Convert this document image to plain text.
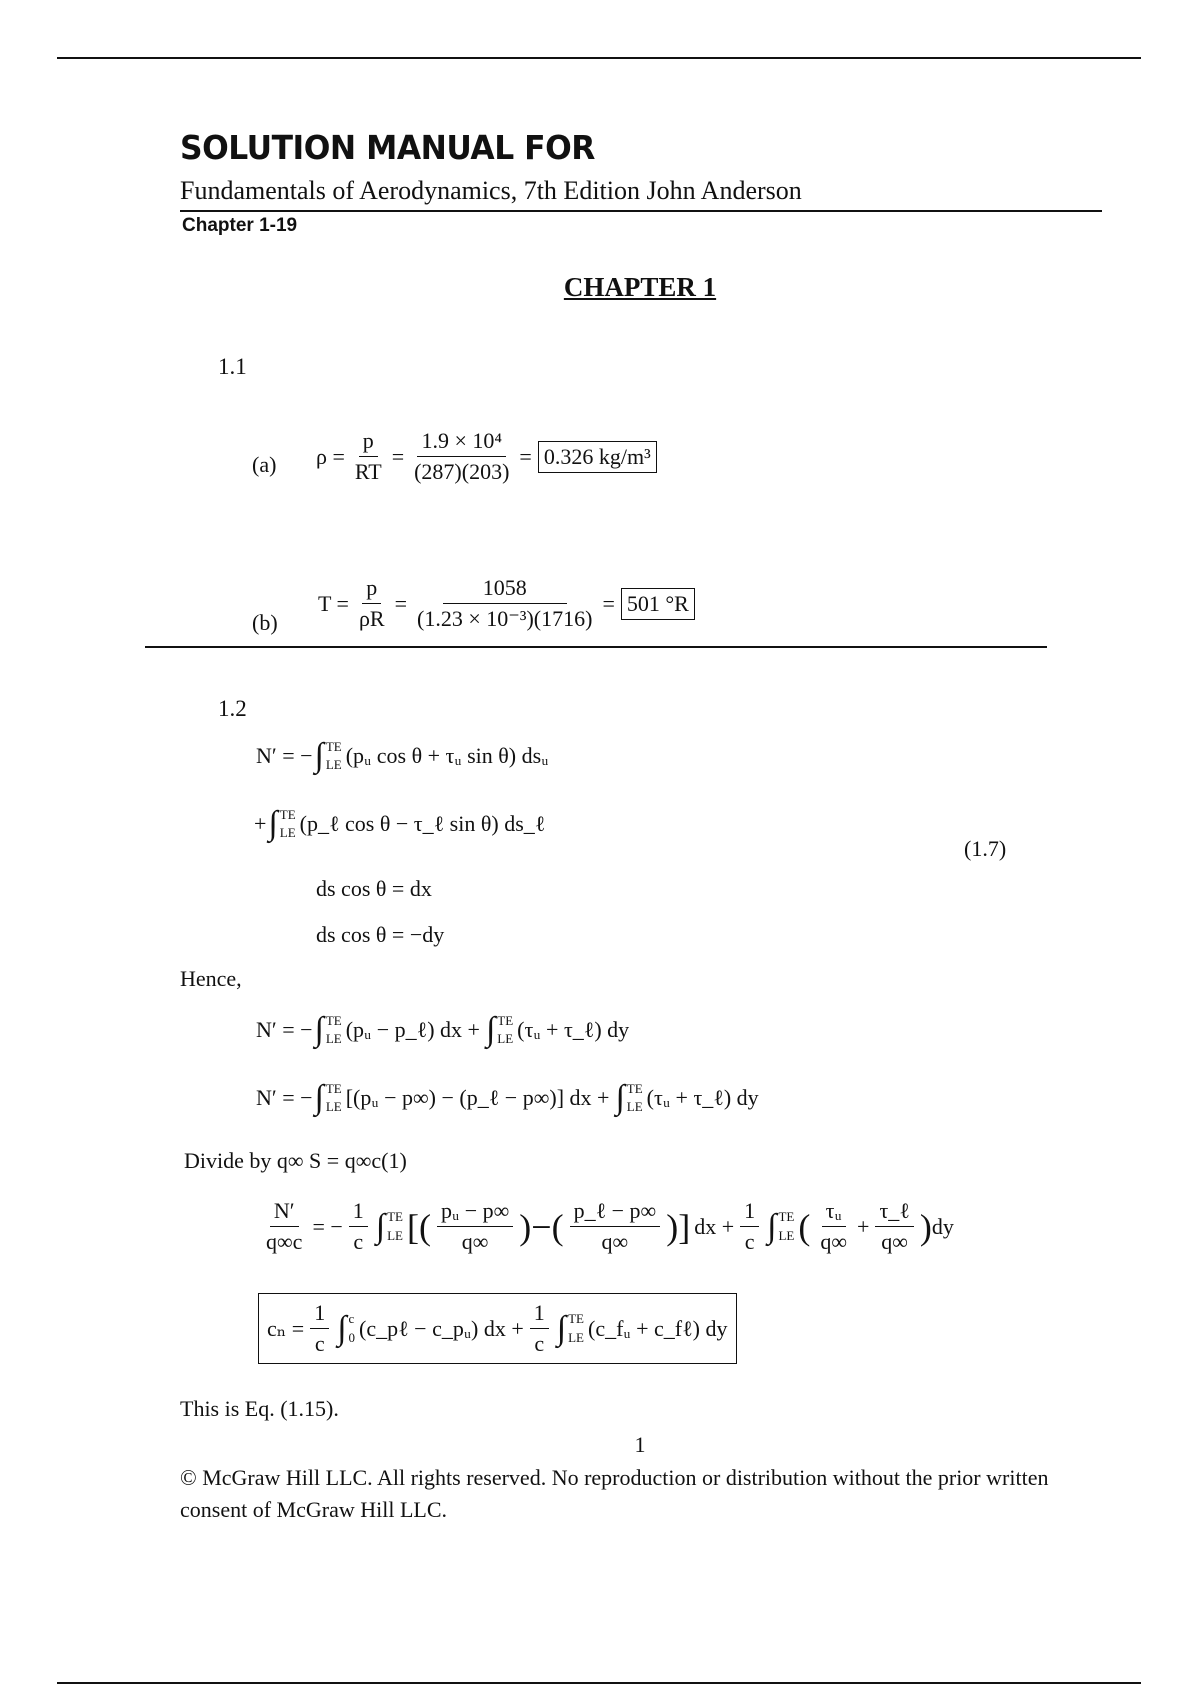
SOLUTION MANUAL FOR
Fundamentals of Aerodynamics, 7th Edition John Anderson
Chapter 1-19
CHAPTER 1
1.1
(a) $\rho = \frac{p}{RT} = \frac{\text{1.9 × 10⁴}}{(287)(203)} = 0.326$ kg/m³
(b)
$T = \frac{p}{\rho R} = \frac{1058}{\text{(1.23 × 10⁻³)(1716)}} = 501$ °R
1.2
N′ = − ∫ TE
LE (pᵤ cos θ + τᵤ sin θ) dsᵤ
+ ∫ TE
LE (p_ℓ cos θ − τ_ℓ sin θ) ds_ℓ
(1.7)
ds cos θ = dx
ds cos θ = −dy
Hence,
N′ = − ∫ TE
LE (pᵤ − p_ℓ) dx + ∫ TE
LE (τᵤ + τ_ℓ) dy
N′ = − ∫ TE
LE [(pᵤ − p∞) − (p_ℓ − p∞)] dx + ∫ TE
LE (τᵤ + τ_ℓ) dy
Divide by q∞ S = q∞c(1)
$\frac{N'}{q\infty c}$ = − $\frac{1}{c}$ ∫ TE
LE [( $\frac{\text{pᵤ − p∞}}{q\infty}$ )−( $\frac{\text{p\_ℓ − p∞}}{q\infty}$ )] dx + $\frac{1}{c}$ ∫ TE
LE ( $\frac{\text{τᵤ}}{q\infty} + \frac{\text{τ\_ℓ}}{q\infty}$ ) dy
$c_n = \frac{1}{c}$ ∫ c
0 (c_pℓ − c_pᵤ) dx + $\frac{1}{c}$ ∫ TE
LE (c_fᵤ + c_fℓ) dy
This is Eq. (1.15).
1
© McGraw Hill LLC. All rights reserved. No reproduction or distribution without the prior written consent of McGraw Hill LLC.
